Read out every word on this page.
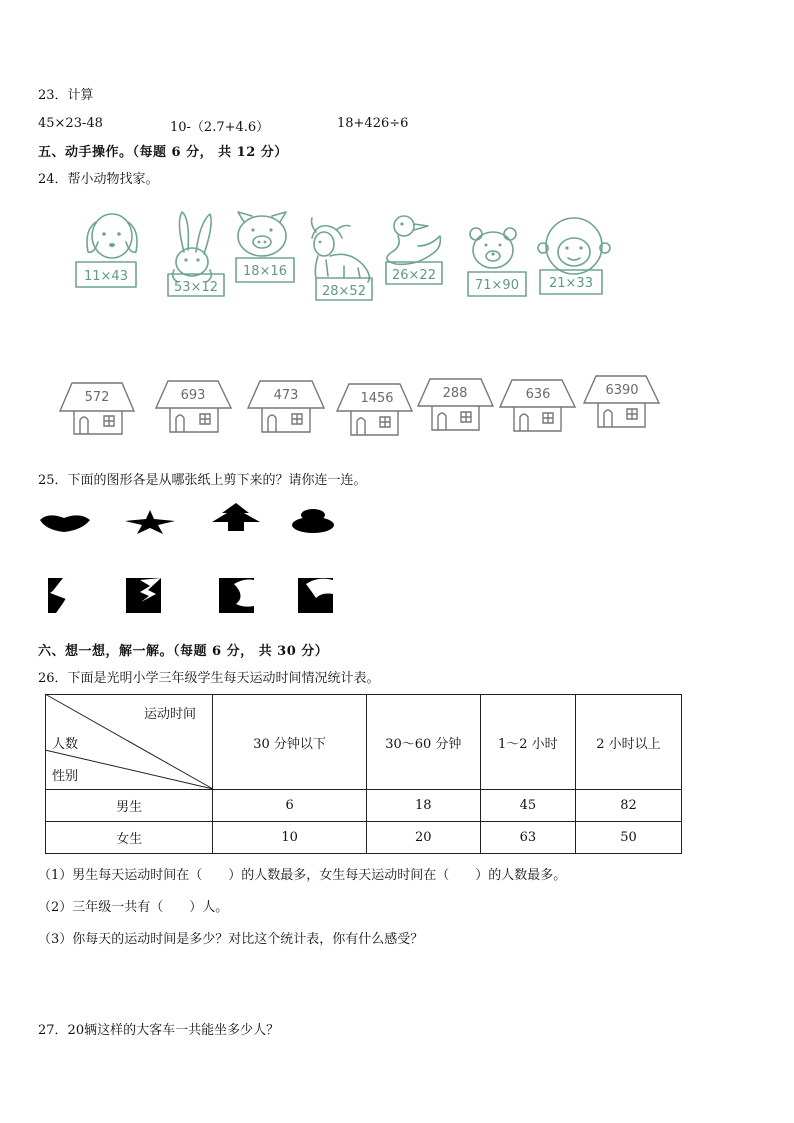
23．计算
45×23-48	10-（2.7+4.6）	18+426÷6
五、动手操作。（每题 6 分， 共 12 分）
24．帮小动物找家。
11×43
53×12
18×16
28×52
26×22
71×90 21×33
572	693	473	1456	288	636	6390
25．下面的图形各是从哪张纸上剪下来的？请你连一连。
六、想一想，解一解。（每题 6 分， 共 30 分）
26．下面是光明小学三年级学生每天运动时间情况统计表。
运动时间
人数
性别	30 分钟以下	30～60 分钟	1～2 小时	2 小时以上
男生	6	18	45	82
女生	10	20	63	50
（1）男生每天运动时间在（　　）的人数最多，女生每天运动时间在（　　）的人数最多。
（2）三年级一共有（　　）人。
（3）你每天的运动时间是多少？对比这个统计表，你有什么感受？
27．20辆这样的大客车一共能坐多少人？
